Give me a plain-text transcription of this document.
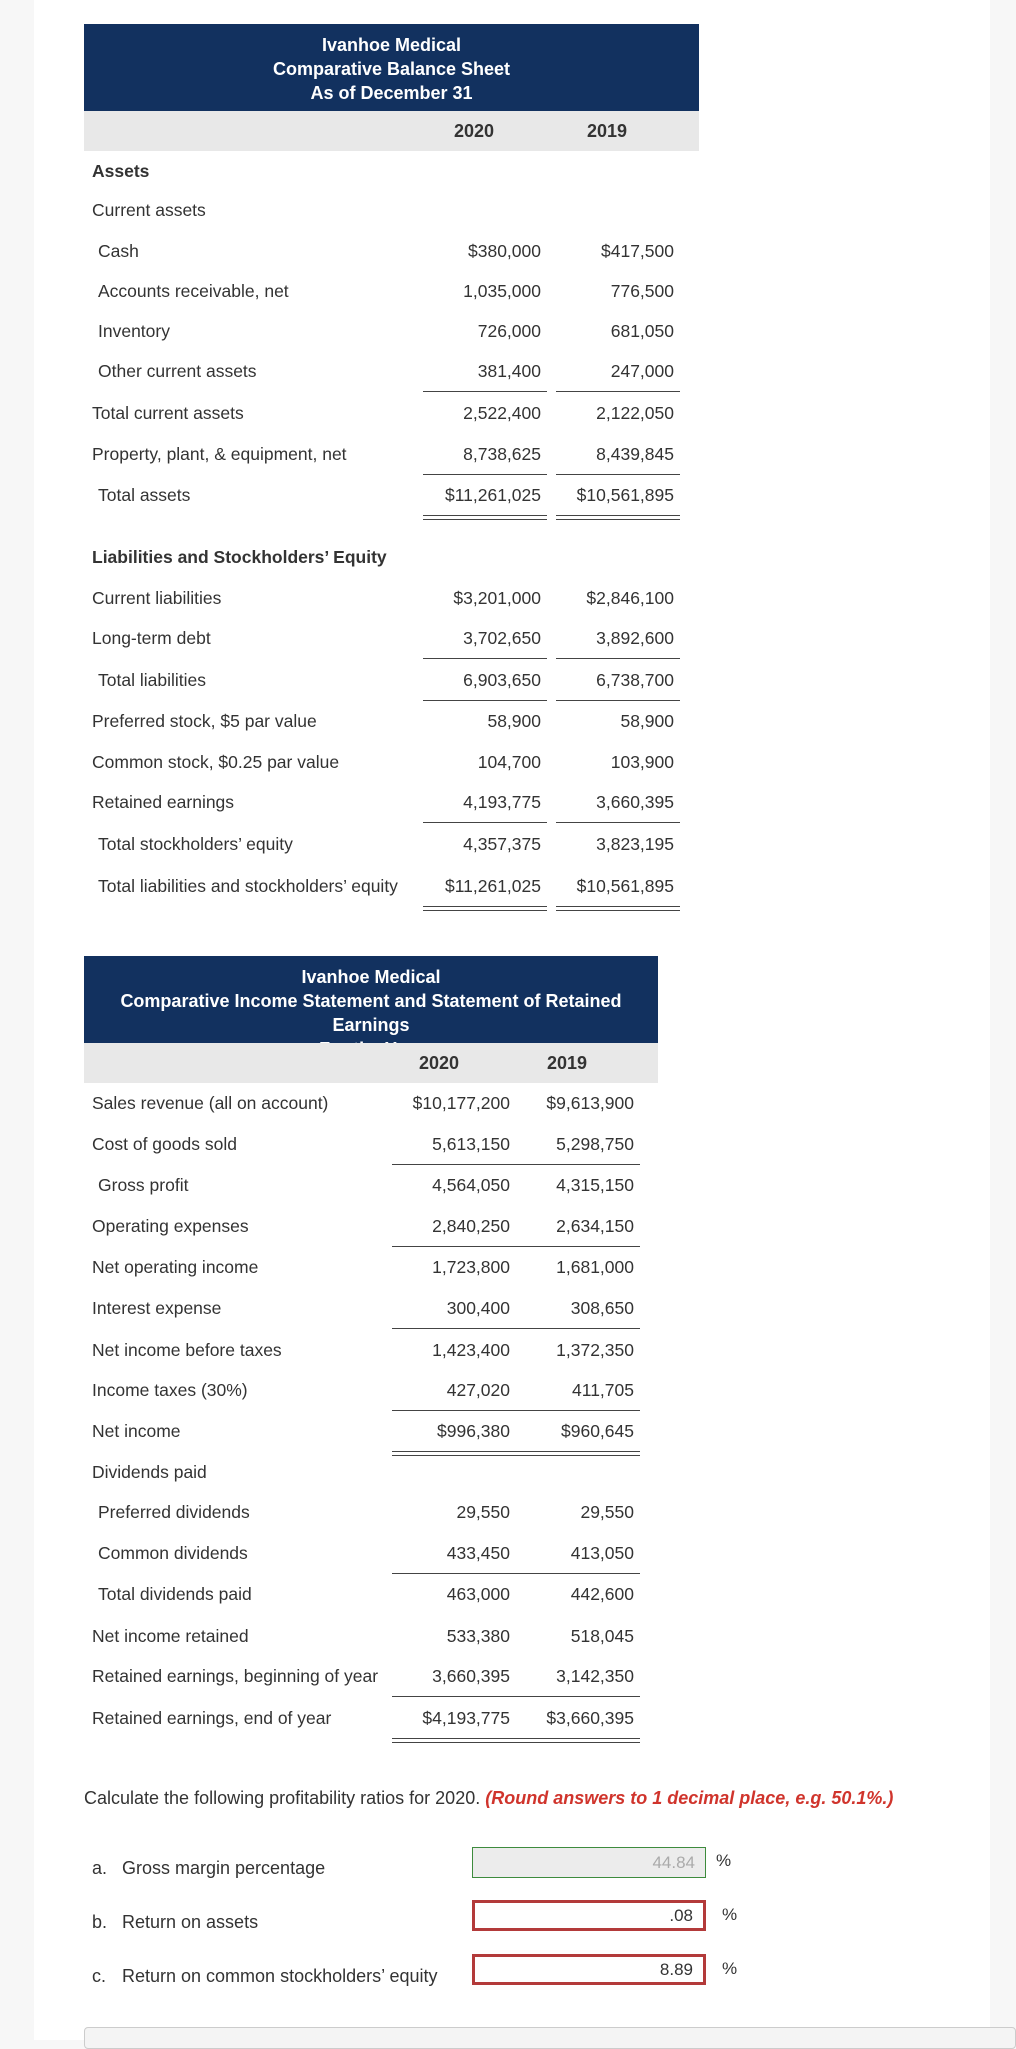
Ivanhoe Medical
Comparative Balance Sheet
As of December 31
2020	2019
Assets
Current assets
Cash	$380,000	$417,500
Accounts receivable, net	1,035,000	776,500
Inventory	726,000	681,050
Other current assets	381,400	247,000
Total current assets	2,522,400	2,122,050
Property, plant, & equipment, net	8,738,625	8,439,845
Total assets	$11,261,025	$10,561,895
Liabilities and Stockholders’ Equity
Current liabilities	$3,201,000	$2,846,100
Long-term debt	3,702,650	3,892,600
Total liabilities	6,903,650	6,738,700
Preferred stock, $5 par value	58,900	58,900
Common stock, $0.25 par value	104,700	103,900
Retained earnings	4,193,775	3,660,395
Total stockholders’ equity	4,357,375	3,823,195
Total liabilities and stockholders’ equity	$11,261,025	$10,561,895
Ivanhoe Medical
Comparative Income Statement and Statement of Retained Earnings
2020	2019
Sales revenue (all on account)	$10,177,200	$9,613,900
Cost of goods sold	5,613,150	5,298,750
Gross profit	4,564,050	4,315,150
Operating expenses	2,840,250	2,634,150
Net operating income	1,723,800	1,681,000
Interest expense	300,400	308,650
Net income before taxes	1,423,400	1,372,350
Income taxes (30%)	427,020	411,705
Net income	$996,380	$960,645
Dividends paid
Preferred dividends	29,550	29,550
Common dividends	433,450	413,050
Total dividends paid	463,000	442,600
Net income retained	533,380	518,045
Retained earnings, beginning of year	3,660,395	3,142,350
Retained earnings, end of year	$4,193,775	$3,660,395
Calculate the following profitability ratios for 2020. (Round answers to 1 decimal place, e.g. 50.1%.)
a. Gross margin percentage
44.84	%
b. Return on assets
.08	%
c. Return on common stockholders’ equity
8.89	%
